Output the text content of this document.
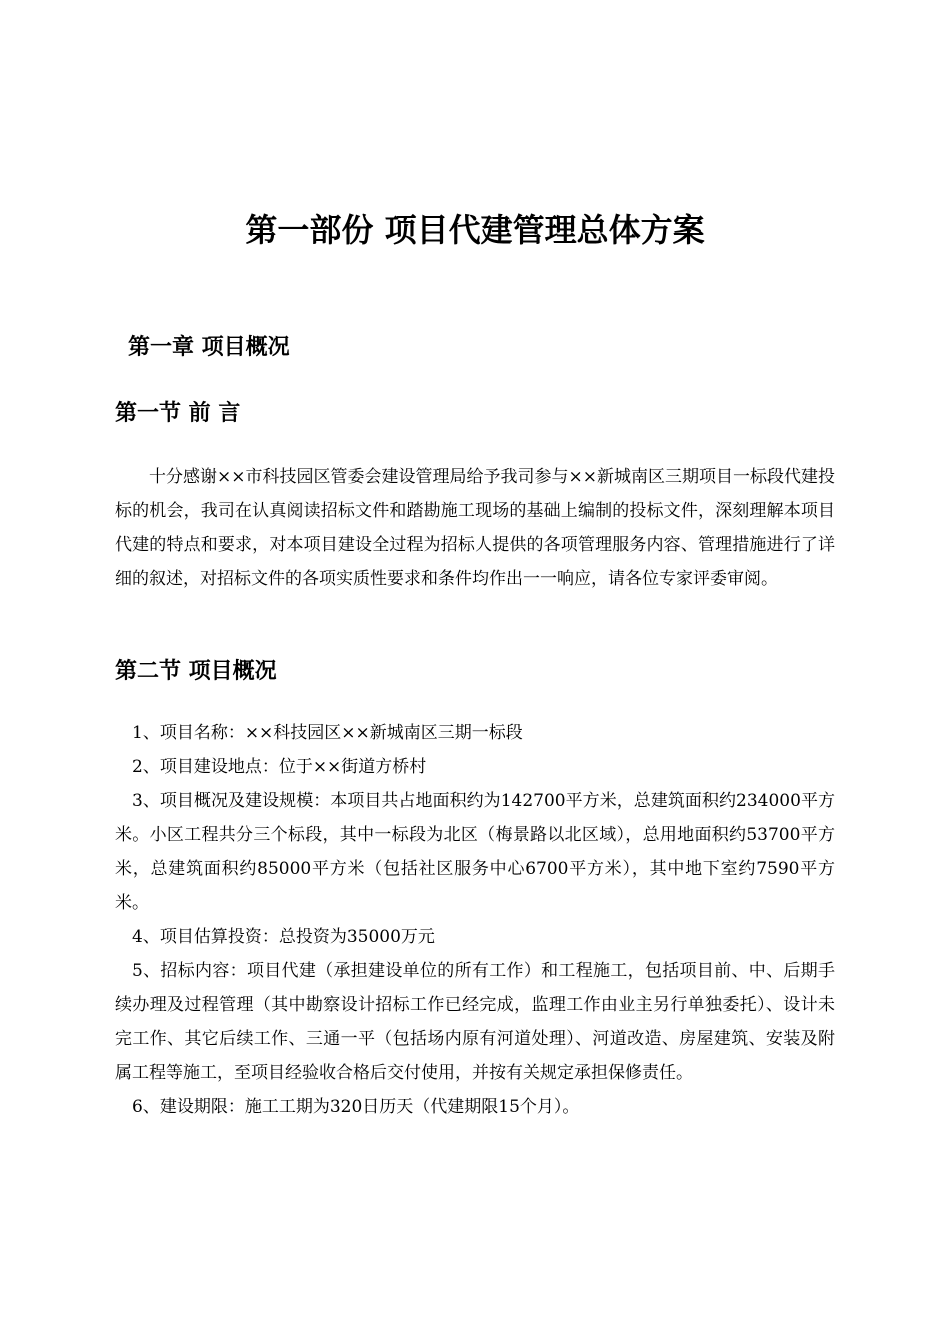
第一部份 项目代建管理总体方案
第一章 项目概况
第一节 前 言
十分感谢××市科技园区管委会建设管理局给予我司参与××新城南区三期项目一标段代建投标的机会，我司在认真阅读招标文件和踏勘施工现场的基础上编制的投标文件，深刻理解本项目代建的特点和要求，对本项目建设全过程为招标人提供的各项管理服务内容、管理措施进行了详细的叙述，对招标文件的各项实质性要求和条件均作出一一响应，请各位专家评委审阅。
第二节 项目概况

1、项目名称：××科技园区××新城南区三期一标段

2、项目建设地点：位于××街道方桥村

3、项目概况及建设规模：本项目共占地面积约为142700平方米，总建筑面积约234000平方米。小区工程共分三个标段，其中一标段为北区（梅景路以北区域），总用地面积约53700平方米，总建筑面积约85000平方米（包括社区服务中心6700平方米），其中地下室约7590平方米。

4、项目估算投资：总投资为35000万元

5、招标内容：项目代建（承担建设单位的所有工作）和工程施工，包括项目前、中、后期手续办理及过程管理（其中勘察设计招标工作已经完成，监理工作由业主另行单独委托）、设计未完工作、其它后续工作、三通一平（包括场内原有河道处理）、河道改造、房屋建筑、安装及附属工程等施工，至项目经验收合格后交付使用，并按有关规定承担保修责任。

6、建设期限：施工工期为320日历天（代建期限15个月）。
